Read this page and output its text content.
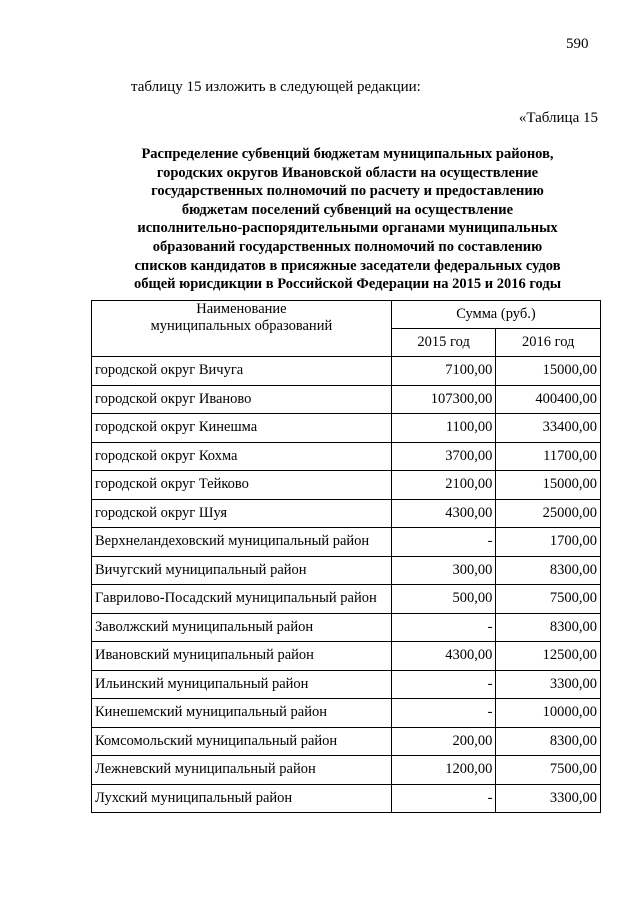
590
таблицу 15 изложить в следующей редакции:
«Таблица 15
Распределение субвенций бюджетам муниципальных районов,
городских округов Ивановской области на осуществление
государственных полномочий по расчету и предоставлению
бюджетам поселений субвенций на осуществление
исполнительно-распорядительными органами муниципальных
образований государственных полномочий по составлению
списков кандидатов в присяжные заседатели федеральных судов
общей юрисдикции в Российской Федерации на 2015 и 2016 годы
Наименование
муниципальных образований	Сумма (руб.)	
	2015 год	2016 год
городской округ Вичуга	7100,00	15000,00
городской округ Иваново	107300,00	400400,00
городской округ Кинешма	1100,00	33400,00
городской округ Кохма	3700,00	11700,00
городской округ Тейково	2100,00	15000,00
городской округ Шуя	4300,00	25000,00
Верхнеландеховский муниципальный район	-	1700,00
Вичугский муниципальный район	300,00	8300,00
Гаврилово-Посадский муниципальный район	500,00	7500,00
Заволжский муниципальный район	-	8300,00
Ивановский муниципальный район	4300,00	12500,00
Ильинский муниципальный район	-	3300,00
Кинешемский муниципальный район	-	10000,00
Комсомольский муниципальный район	200,00	8300,00
Лежневский муниципальный район	1200,00	7500,00
Лухский муниципальный район	-	3300,00
